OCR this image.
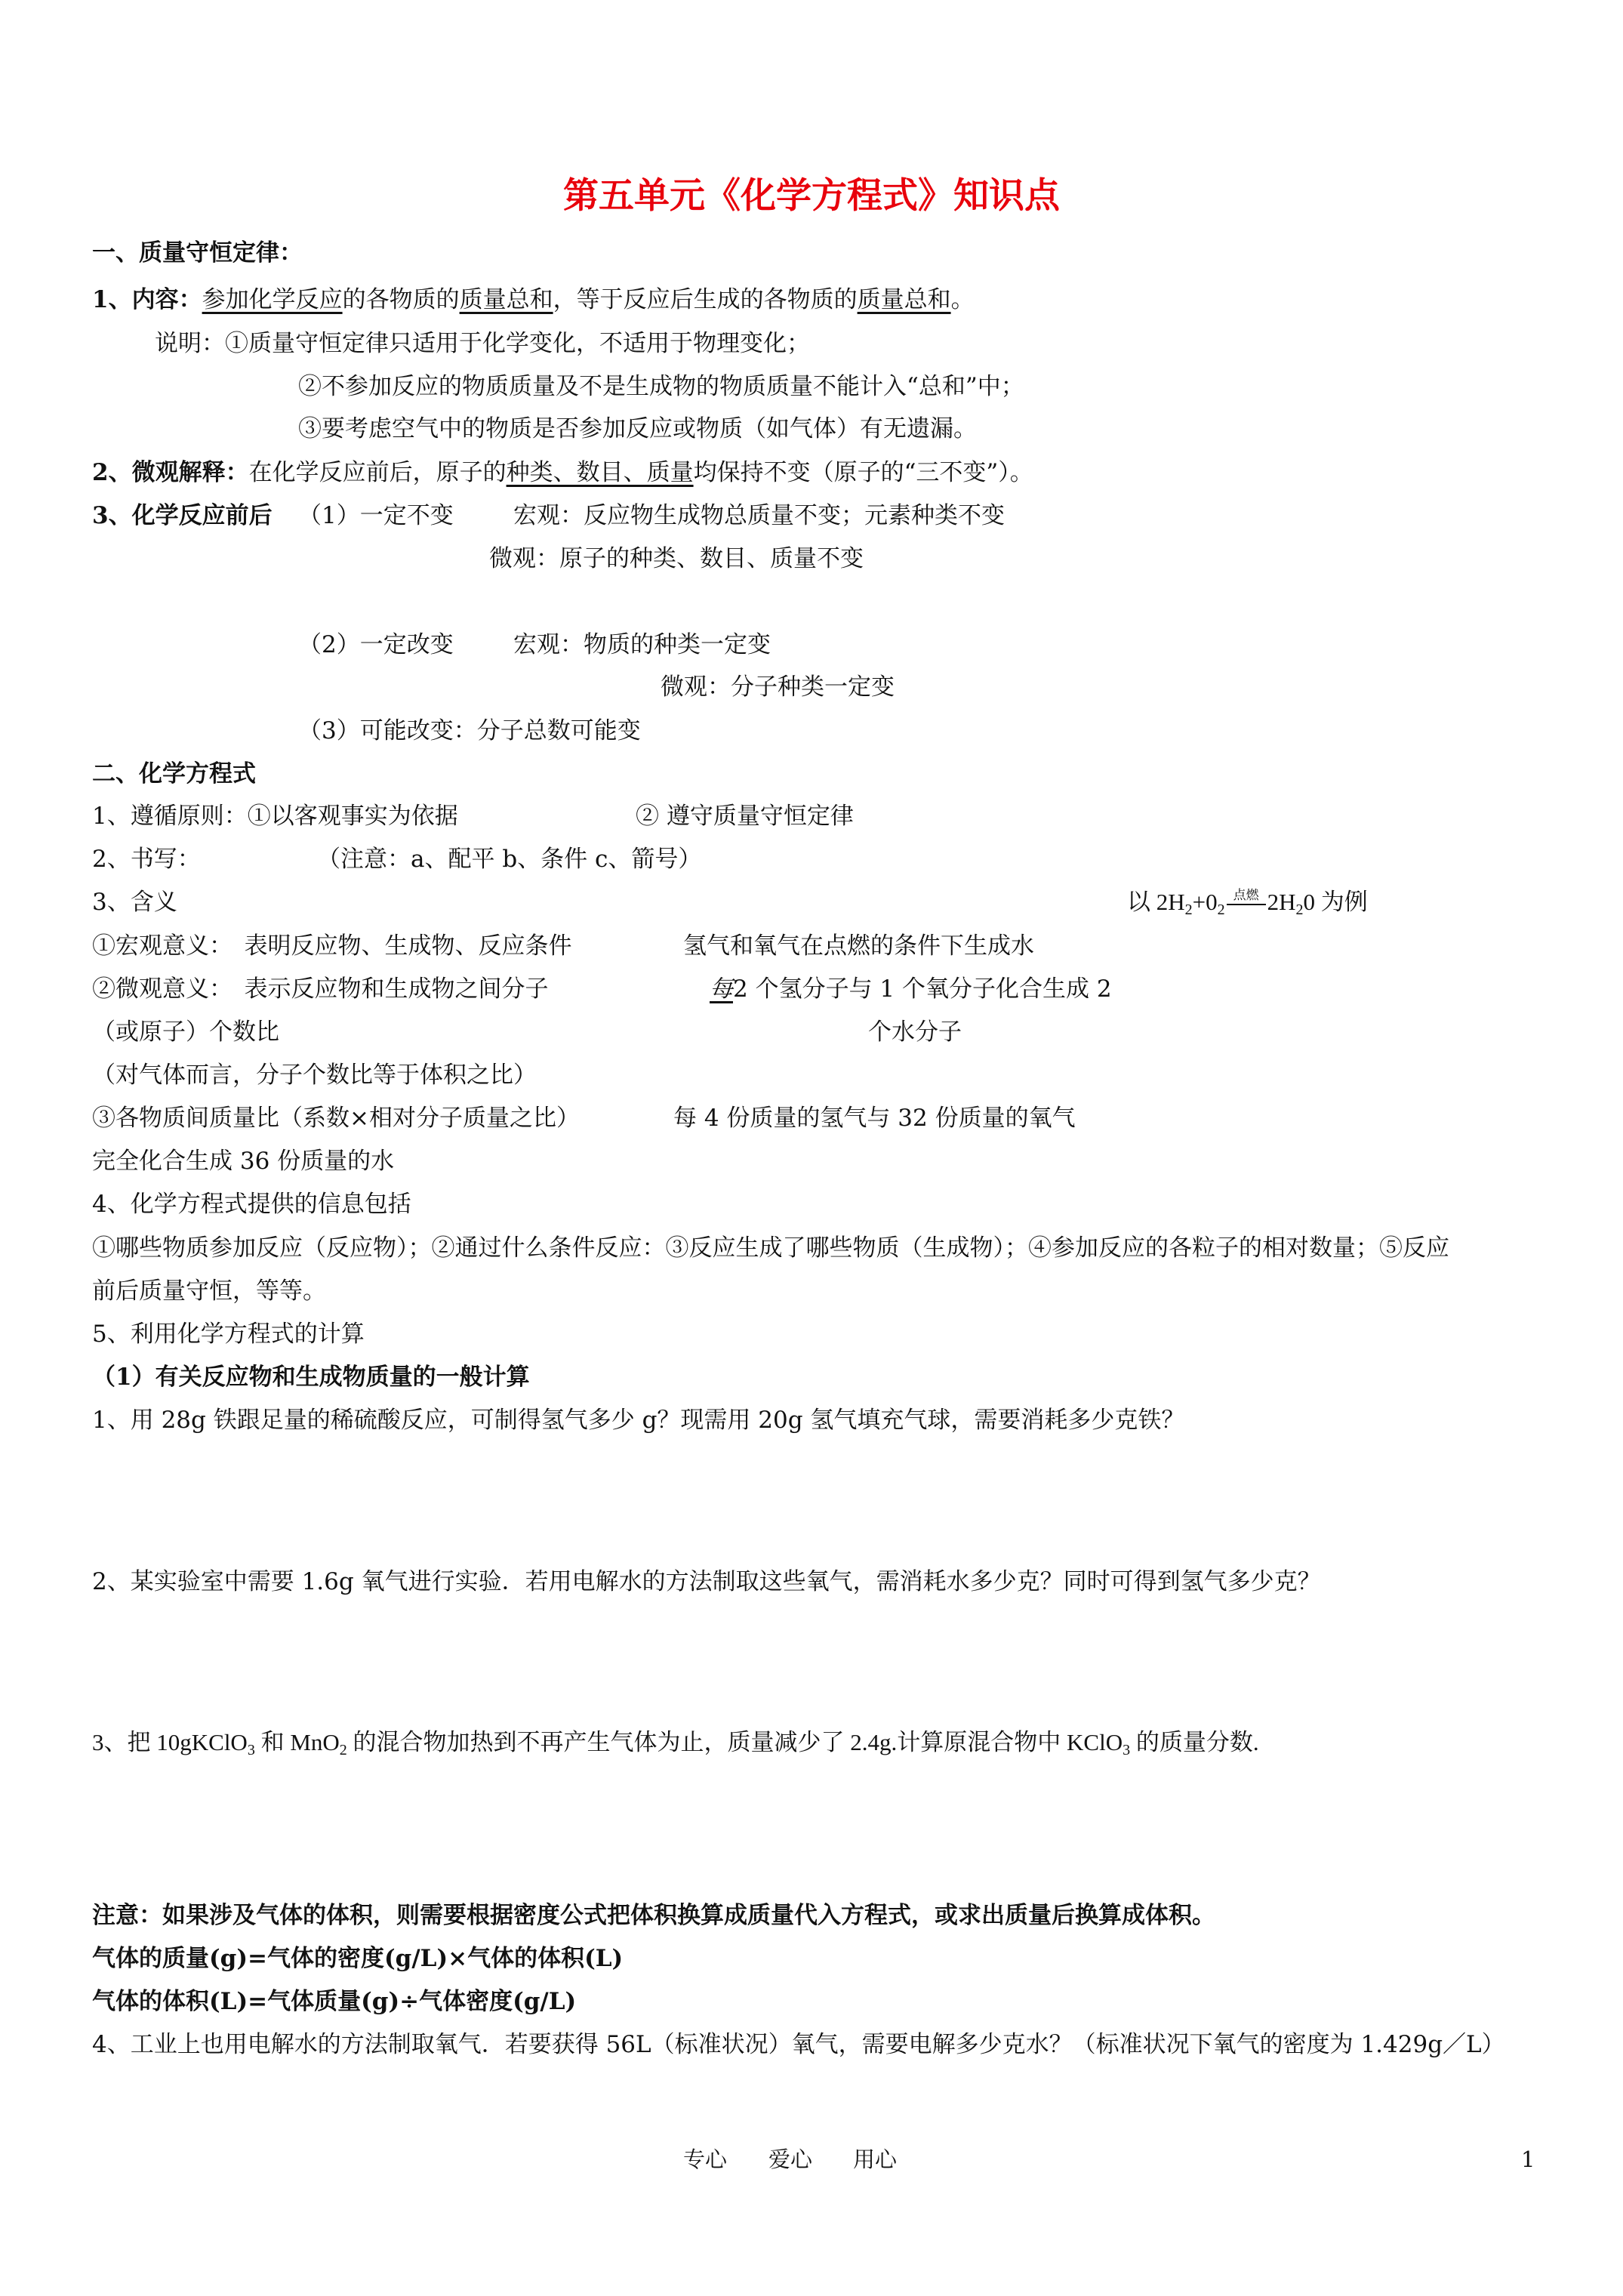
第五单元《化学方程式》知识点
一、质量守恒定律：
1、内容：参加化学反应的各物质的质量总和，等于反应后生成的各物质的质量总和。
说明：①质量守恒定律只适用于化学变化，不适用于物理变化；
②不参加反应的物质质量及不是生成物的物质质量不能计入“总和”中；
③要考虑空气中的物质是否参加反应或物质（如气体）有无遗漏。
2、微观解释：在化学反应前后，原子的种类、数目、质量均保持不变（原子的“三不变”）。
3、化学反应前后 （1）一定不变	宏观：反应物生成物总质量不变；元素种类不变
微观：原子的种类、数目、质量不变
（2）一定改变	宏观：物质的种类一定变
微观：分子种类一定变
（3）可能改变：分子总数可能变
二、化学方程式
1、遵循原则：①以客观事实为依据	② 遵守质量守恒定律
2、书写：	（注意：a、配平 b、条件 c、箭号）
3、含义	以 $2H_2+0_2$
点燃 $2H_20$ 为例
①宏观意义：　表明反应物、生成物、反应条件	氢气和氧气在点燃的条件下生成水
②微观意义：　表示反应物和生成物之间分子	每2 个氢分子与 1 个氧分子化合生成 2
（或原子）个数比	个水分子
（对气体而言，分子个数比等于体积之比）
③各物质间质量比（系数×相对分子质量之比）	每 4 份质量的氢气与 32 份质量的氧气
完全化合生成 36 份质量的水
4、化学方程式提供的信息包括
①哪些物质参加反应（反应物）；②通过什么条件反应：③反应生成了哪些物质（生成物）；④参加反应的各粒子的相对数量；⑤反应
前后质量守恒，等等。
5、利用化学方程式的计算
（1）有关反应物和生成物质量的一般计算
1、用 28g 铁跟足量的稀硫酸反应，可制得氢气多少 g？现需用 20g 氢气填充气球，需要消耗多少克铁？
2、某实验室中需要 1.6g 氧气进行实验．若用电解水的方法制取这些氧气，需消耗水多少克？同时可得到氢气多少克？
3、把 10gKClO$_3$ 和 MnO$_2$ 的混合物加热到不再产生气体为止，质量减少了 2.4g.计算原混合物中 KClO$_3$ 的质量分数.
注意：如果涉及气体的体积，则需要根据密度公式把体积换算成质量代入方程式，或求出质量后换算成体积。
气体的质量(g)=气体的密度(g/L)×气体的体积(L)
气体的体积(L)=气体质量(g)÷气体密度(g/L)
4、工业上也用电解水的方法制取氧气．若要获得 56L（标准状况）氧气，需要电解多少克水？（标准状况下氧气的密度为 1.429g／L）
专心 爱心 用心	1
